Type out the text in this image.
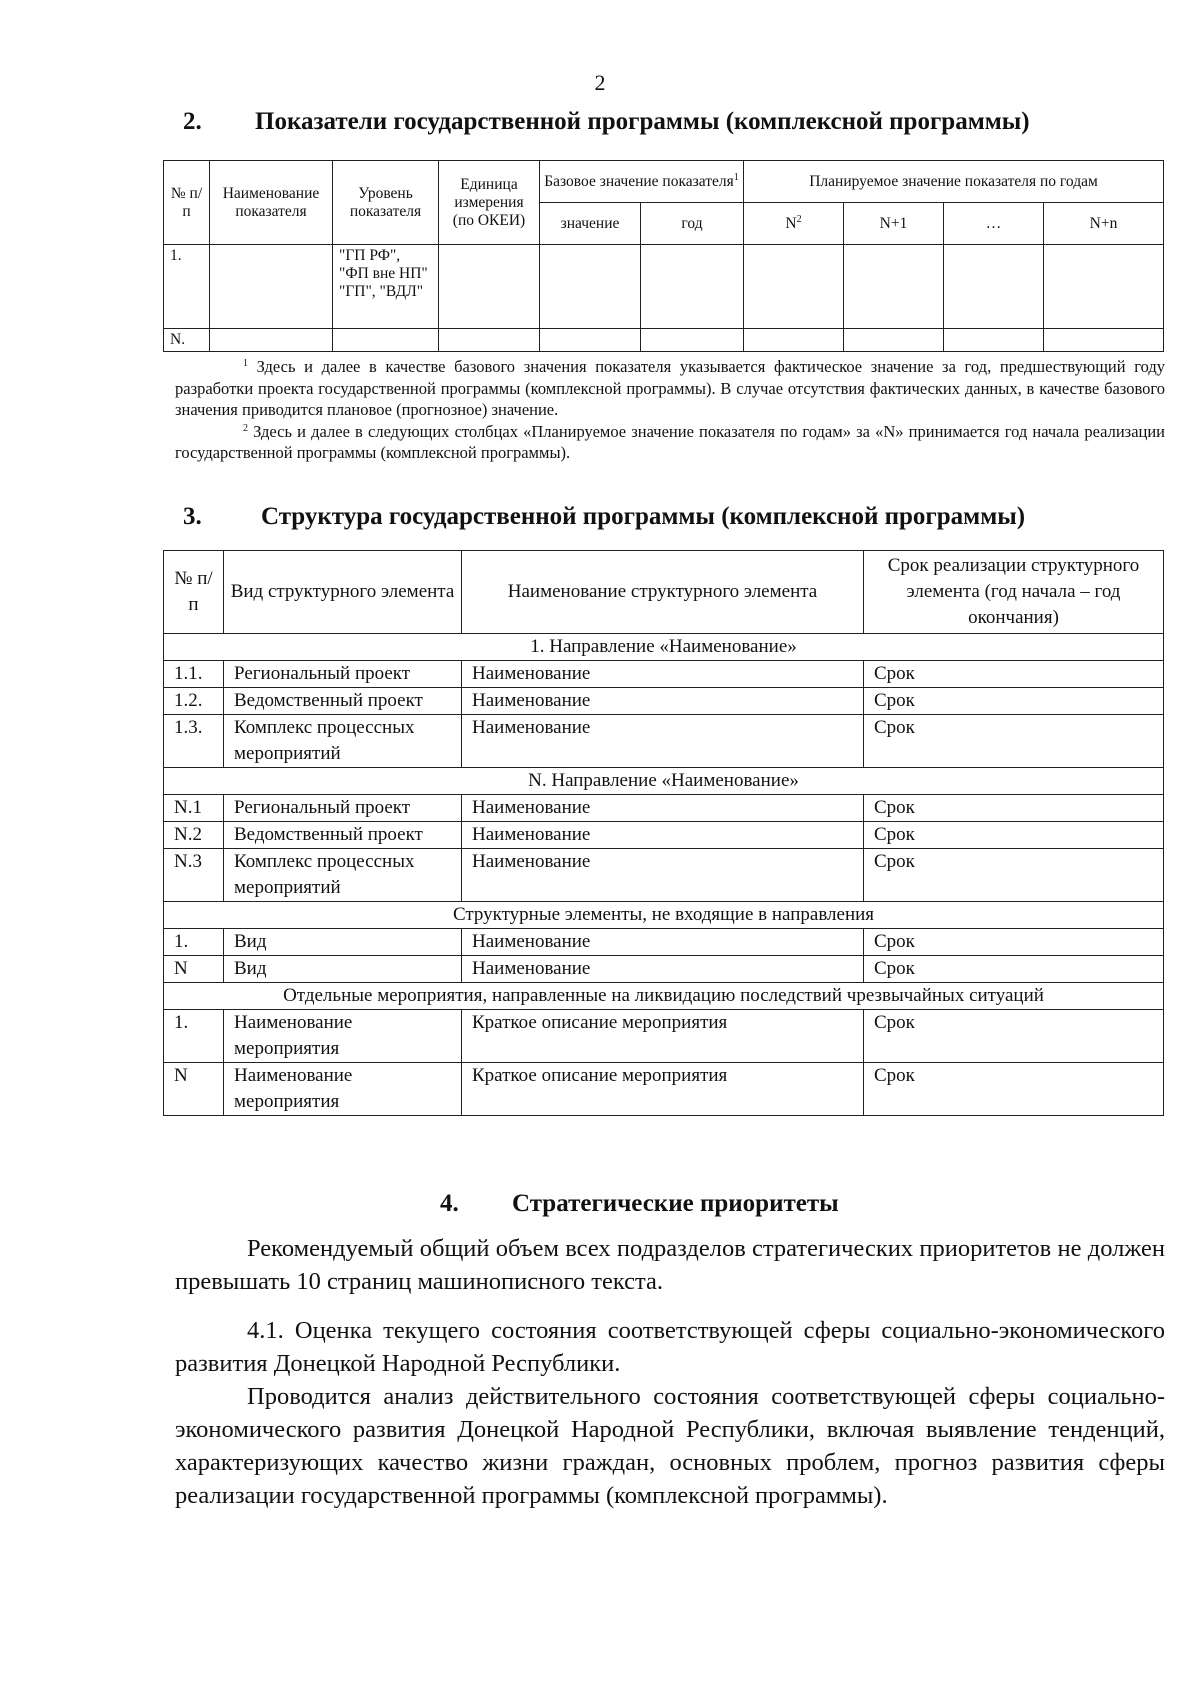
2
2. Показатели государственной программы (комплексной программы)
№ п/п	Наименование показателя	Уровень показателя	Единица измерения (по ОКЕИ)	Базовое значение показателя$^1$		Планируемое значение показателя по годам			
				значение	год	$N^2$	N+1	…	N+n
1.		"ГП РФ", "ФП вне НП" "ГП", "ВДЛ"							
N.									

$^1$ Здесь и далее в качестве базового значения показателя указывается фактическое значение за год, предшествующий году разработки проекта государственной программы (комплексной программы). В случае отсутствия фактических данных, в качестве базового значения приводится плановое (прогнозное) значение.

$^2$ Здесь и далее в следующих столбцах «Планируемое значение показателя по годам» за «N» принимается год начала реализации государственной программы (комплексной программы).

3. Структура государственной программы (комплексной программы)
№ п/п	Вид структурного элемента	Наименование структурного элемента	Срок реализации структурного элемента (год начала – год окончания)
1. Направление «Наименование»			
1.1.	Региональный проект	Наименование	Срок
1.2.	Ведомственный проект	Наименование	Срок
1.3.	Комплекс процессных мероприятий	Наименование	Срок
N. Направление «Наименование»			
N.1	Региональный проект	Наименование	Срок
N.2	Ведомственный проект	Наименование	Срок
N.3	Комплекс процессных мероприятий	Наименование	Срок
Структурные элементы, не входящие в направления			
1.	Вид	Наименование	Срок
N	Вид	Наименование	Срок
Отдельные мероприятия, направленные на ликвидацию последствий чрезвычайных ситуаций			
1.	Наименование мероприятия	Краткое описание мероприятия	Срок
N	Наименование мероприятия	Краткое описание мероприятия	Срок
4. Стратегические приоритеты

Рекомендуемый общий объем всех подразделов стратегических приоритетов не должен превышать 10 страниц машинописного текста.

4.1. Оценка текущего состояния соответствующей сферы социально-экономического развития Донецкой Народной Республики.

Проводится анализ действительного состояния соответствующей сферы социально-экономического развития Донецкой Народной Республики, включая выявление тенденций, характеризующих качество жизни граждан, основных проблем, прогноз развития сферы реализации государственной программы (комплексной программы).
